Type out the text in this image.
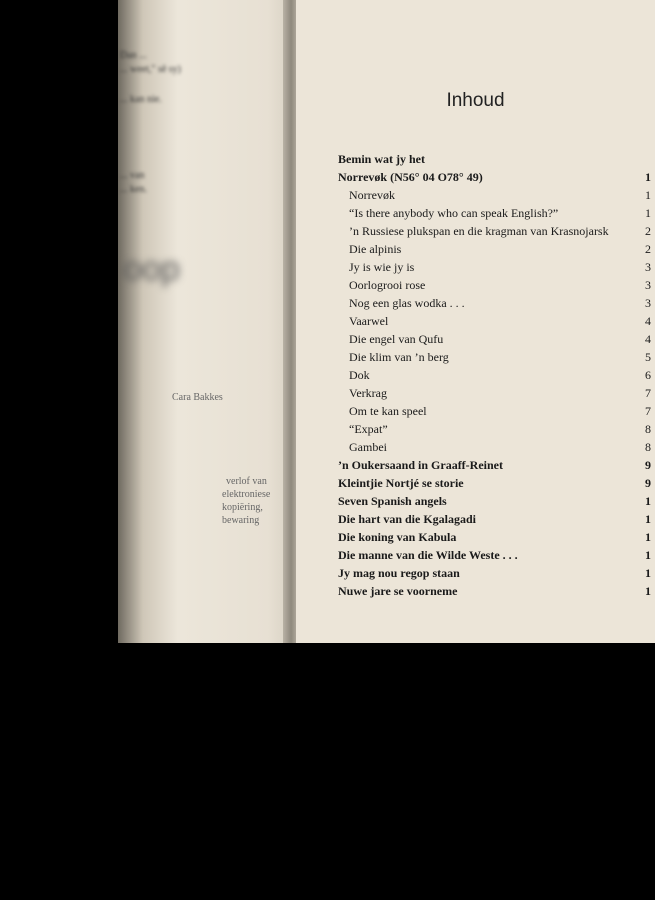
Dan ...
... weet," sê sy)
... kan nie.
... van
... ken.
oop
Cara Bakkes
verlof van
elektroniese
kopiëring,
bewaring
Inhoud
Bemin wat jy het
Norrevøk (N56° 04 O78° 49)	1
Norrevøk	1
“Is there anybody who can speak English?”	1
’n Russiese plukspan en die kragman van Krasnojarsk	2
Die alpinis	2
Jy is wie jy is	3
Oorlogrooi rose	3
Nog een glas wodka . . .	3
Vaarwel	4
Die engel van Qufu	4
Die klim van ’n berg	5
Dok	6
Verkrag	7
Om te kan speel	7
“Expat”	8
Gambei	8
’n Oukersaand in Graaff-Reinet	9
Kleintjie Nortjé se storie	9
Seven Spanish angels	1
Die hart van die Kgalagadi	1
Die koning van Kabula	1
Die manne van die Wilde Weste . . .	1
Jy mag nou regop staan	1
Nuwe jare se voorneme	1
